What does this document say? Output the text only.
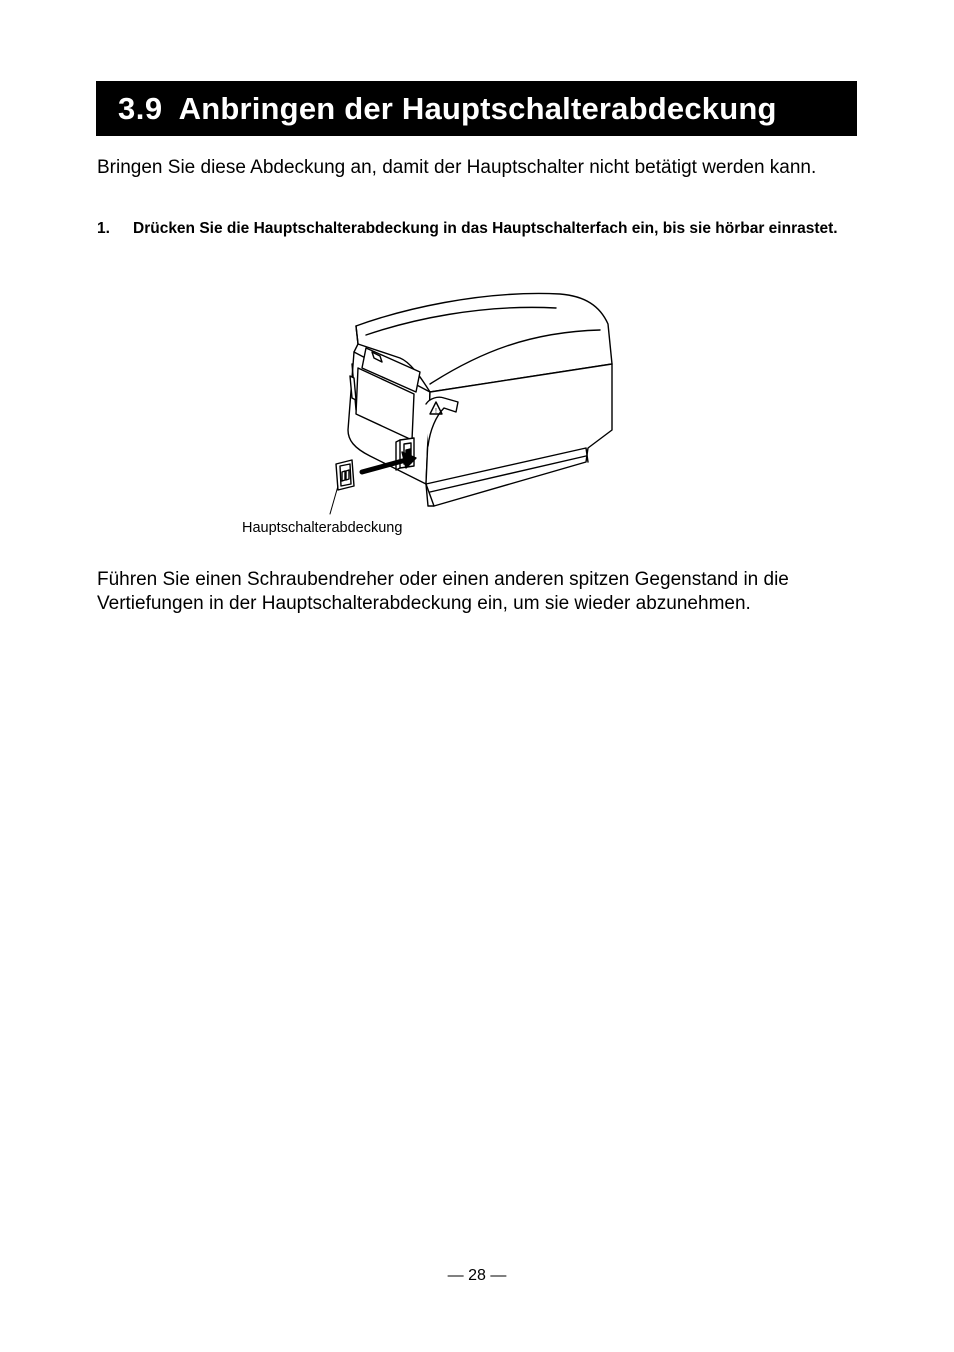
3.9 Anbringen der Hauptschalterabdeckung

Bringen Sie diese Abdeckung an, damit der Hauptschalter nicht betätigt werden kann.

1.	Drücken Sie die Hauptschalterabdeckung in das Hauptschalterfach ein, bis sie hörbar einrastet.
!
Hauptschalterabdeckung

Führen Sie einen Schraubendreher oder einen anderen spitzen Gegenstand in die Vertiefungen in der Hauptschalterabdeckung ein, um sie wieder abzunehmen.

— 28 —
